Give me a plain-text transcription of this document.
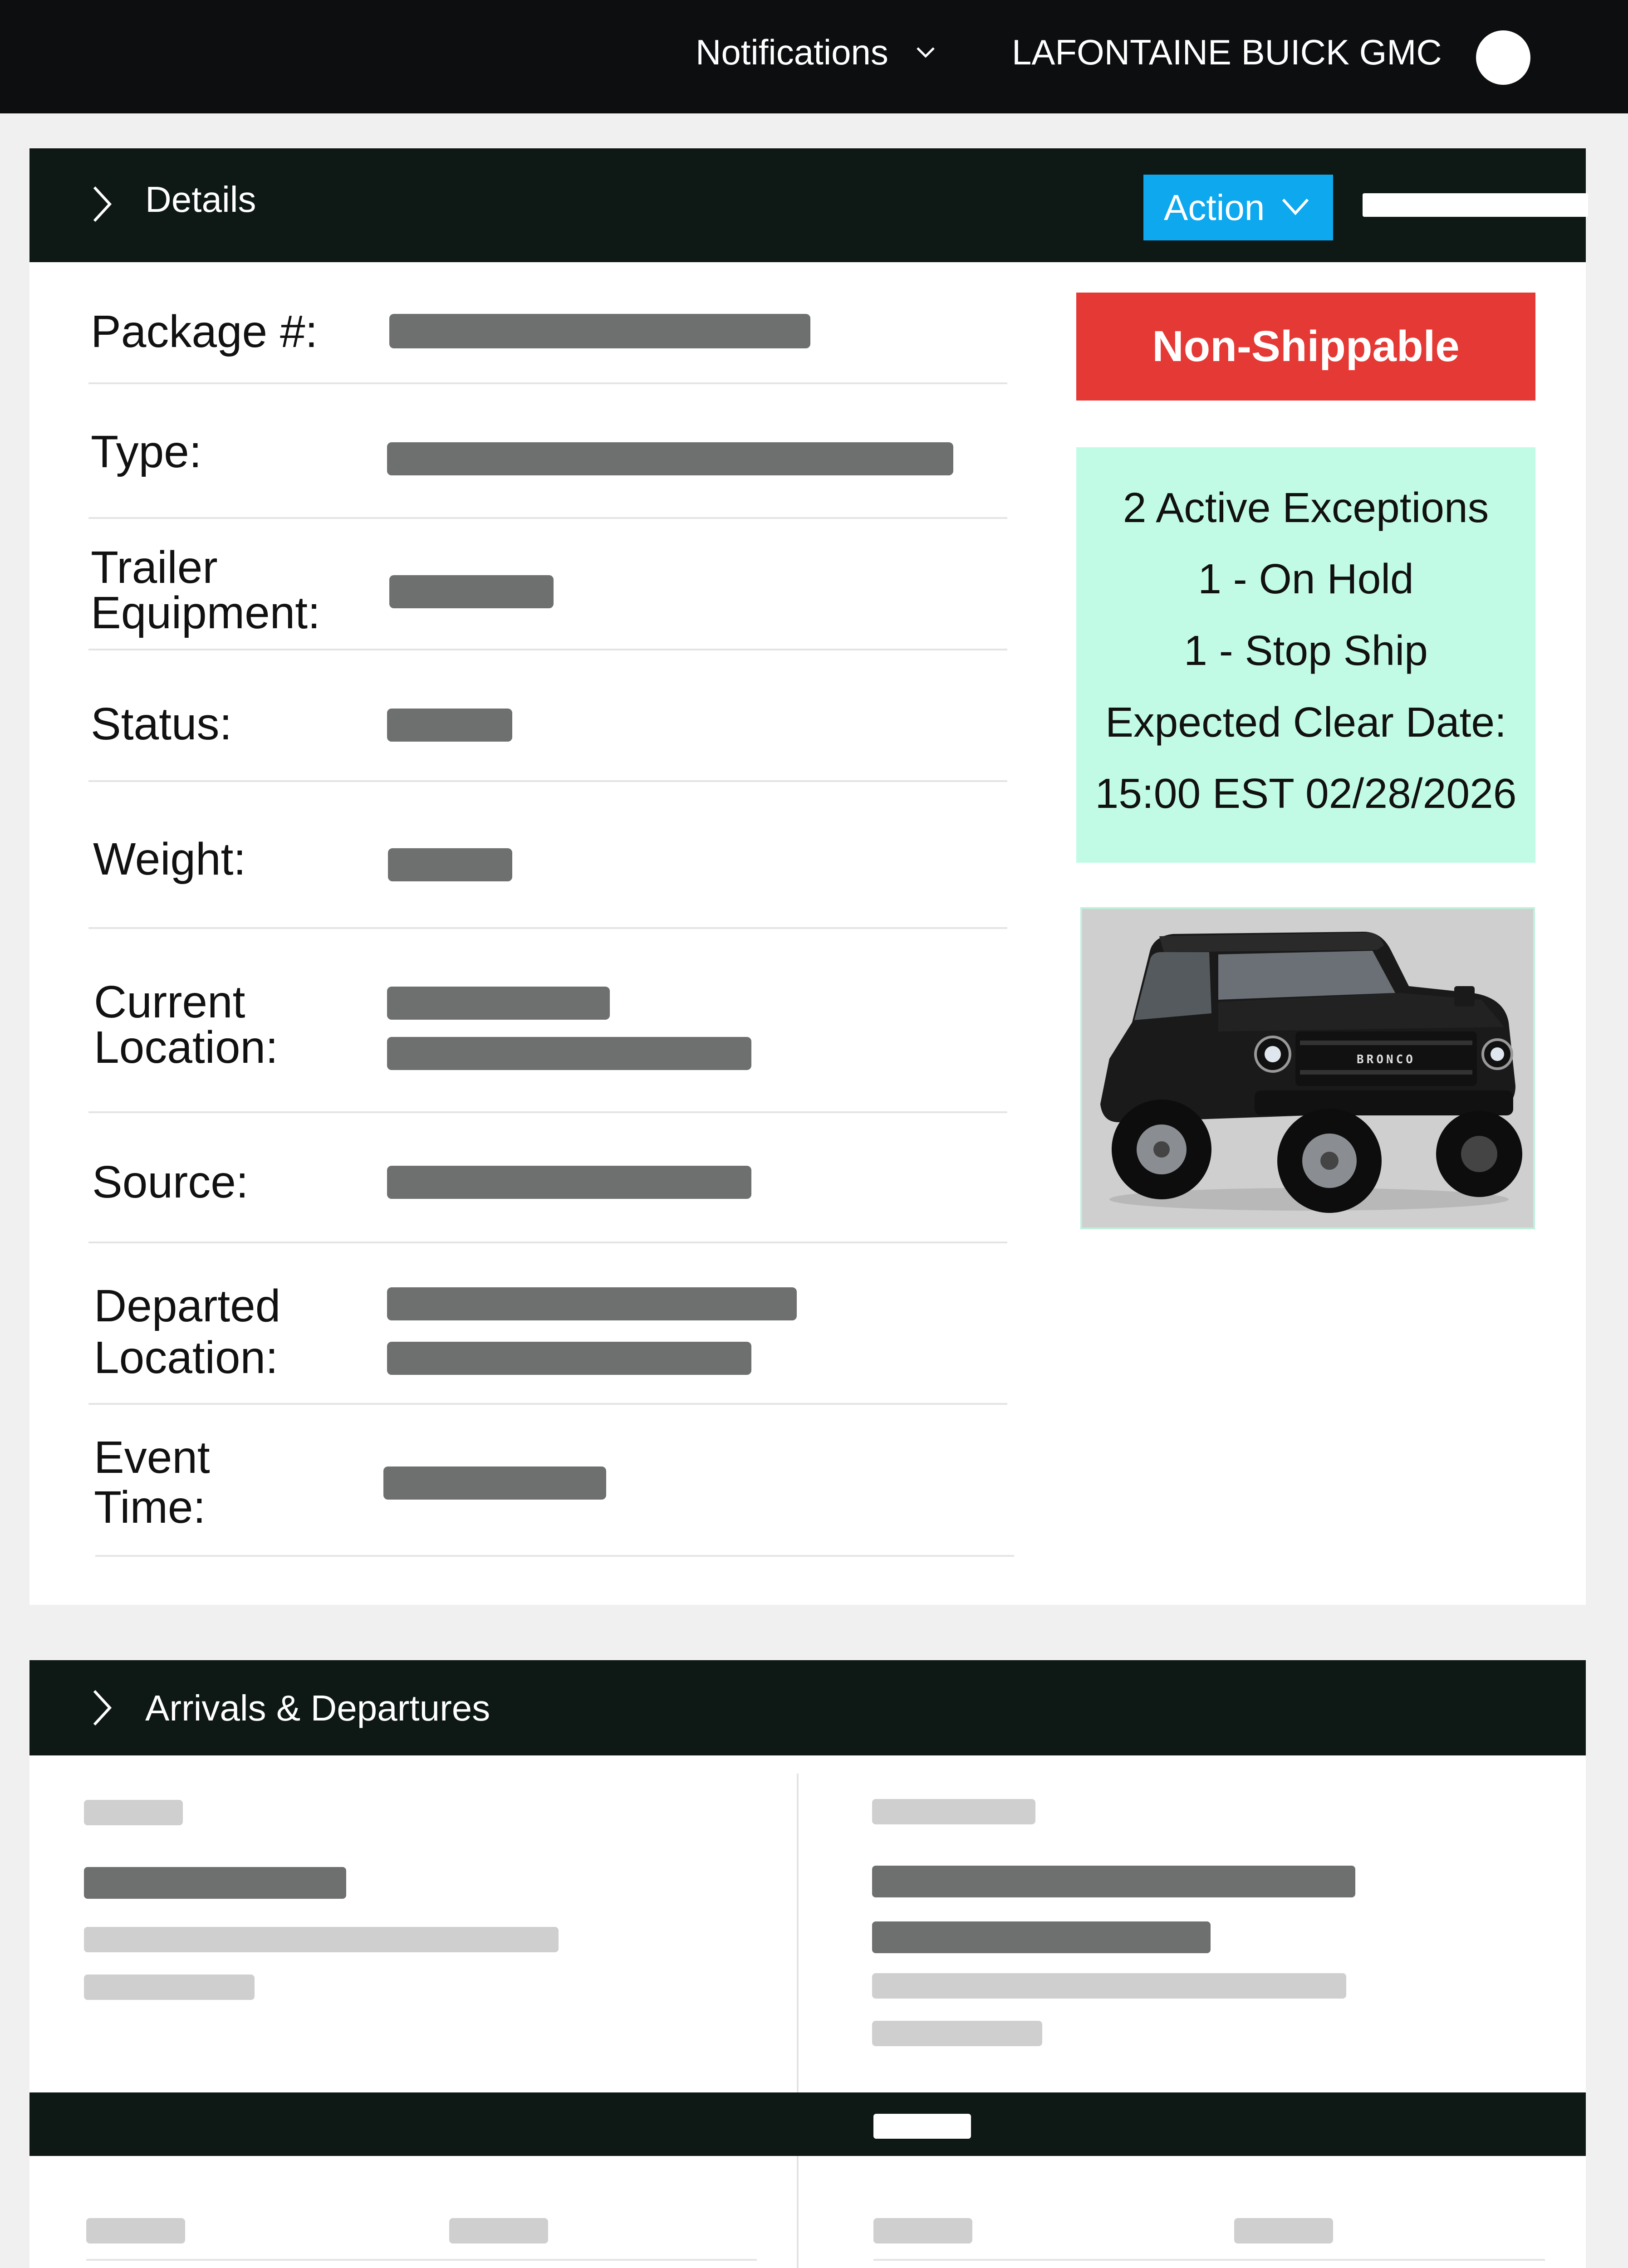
Notifications	LAFONTAINE BUICK GMC
Details	Action
Package #:
Type:
Trailer
Equipment:
Status:
Weight:
Current
Location:
Source:
Departed
Location:
Event
Time:
Non-Shippable
2 Active Exceptions
1 - On Hold
1 - Stop Ship
Expected Clear Date:
15:00 EST 02/28/2026
BRONCO
Arrivals & Departures
